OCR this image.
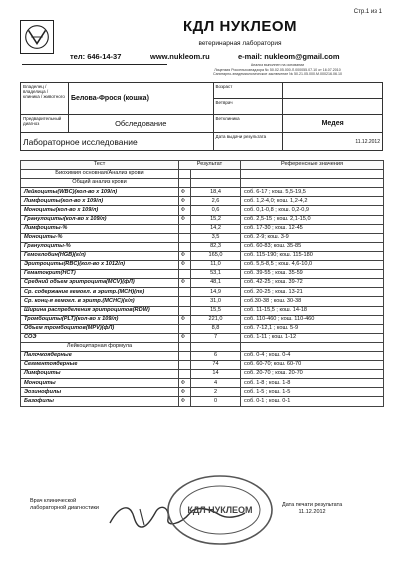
Стр.1 из 1
КДЛ НУКЛЕОМ
ветеринарная лаборатория
тел: 646-14-37	www.nukleom.ru	e-mail: nukleom@gmail.com
Анализ выполнен на основании
Лицензия Россельхознадзора № 50.02.05.000.Л.000055.07.10 от 16.07.2010
Санитарно-эпидемиологическое заключение № 50.21.05.000.М.000216.06.10
Владелец / владелица / клиника / животного	Белова-Фрося (кошка)	Возраст	
		Ветврач	
Предварительный диагноз	Обследование	Ветклиника	Медея
Лабораторное исследование		Дата выдачи результата	11.12.2012
Тест	Результат		Референсные значения
Биохимия основная/Анализ крови			
Общий анализ крови			
Лейкоциты(WBC)(кол-во х 109/л)	Ф	18,4	соб. 6-17 ; кош. 5,5-19,5
Лимфоциты(кол-во х 109/л)	Ф	2,6	соб. 1,2-4,0; кош. 1,2-4,2
Моноциты(кол-во х 109/л)	Ф	0,6	соб. 0,1-0,8 ; кош. 0,2-0,9
Гранулоциты(кол-во х 109/л)	Ф	15,2	соб. 2,5-15 ; кош. 2,1-15,0
Лимфоциты-%		14,2	соб. 17-30 ; кош. 12-45
Моноциты-%		3,5	соб. 2-9; кош. 3-9
Гранулоциты-%		82,3	соб. 60-83; кош. 35-85
Гемоглобин(HGB)(г/л)	Ф	165,0	соб. 115-190; кош. 115-180
Эритроциты(RBC)(кол-во х 1012/л)	Ф	11,0	соб. 5,5-8,5 ; кош. 4,6-10,0
Гематокрит(HCT)		53,1	соб. 39-55 ; кош. 35-59
Средний объем эритроцита(MCV)(фЛ)	Ф	48,1	соб. 42-25 ; кош. 39-72
Ср. содержание гемогл. в эритр.(MCH)(пг)		14,9	соб. 20-25 ; кош. 13-21
Ср. конц-я гемогл. в эритр.(MCHC)(г/л)		31,0	соб.30-38 ; кош. 30-38
Ширина распределения эритроцитов(RDW)		15,5	соб. 11-15,5 ; кош. 14-18
Тромбоциты(PLT)(кол-во х 109/л)	Ф	221,0	соб. 110-460 ; кош. 110-460
Объем тромбоцитов(MPV)(фЛ)		8,8	соб. 7-12,1 ; кош. 5-9
СОЭ	Ф	7	соб. 1-11 ; кош. 1-12
Лейкоцитарная формула			
Палочкоядерные		6	соб. 0-4 ; кош. 0-4
Сегментоядерные		74	соб. 60-70; кош. 60-70
Лимфоциты		14	соб. 20-70 ; кош. 20-70
Моноциты	Ф	4	соб. 1-8 ; кош. 1-8
Эозинофилы	Ф	2	соб. 1-5 ; кош. 1-5
Базофилы	Ф	0	соб. 0-1 ; кош. 0-1
Врач клинической
лабораторной диагностики	КДЛ НУКЛЕОМ	Дата печати результата
11.12.2012
